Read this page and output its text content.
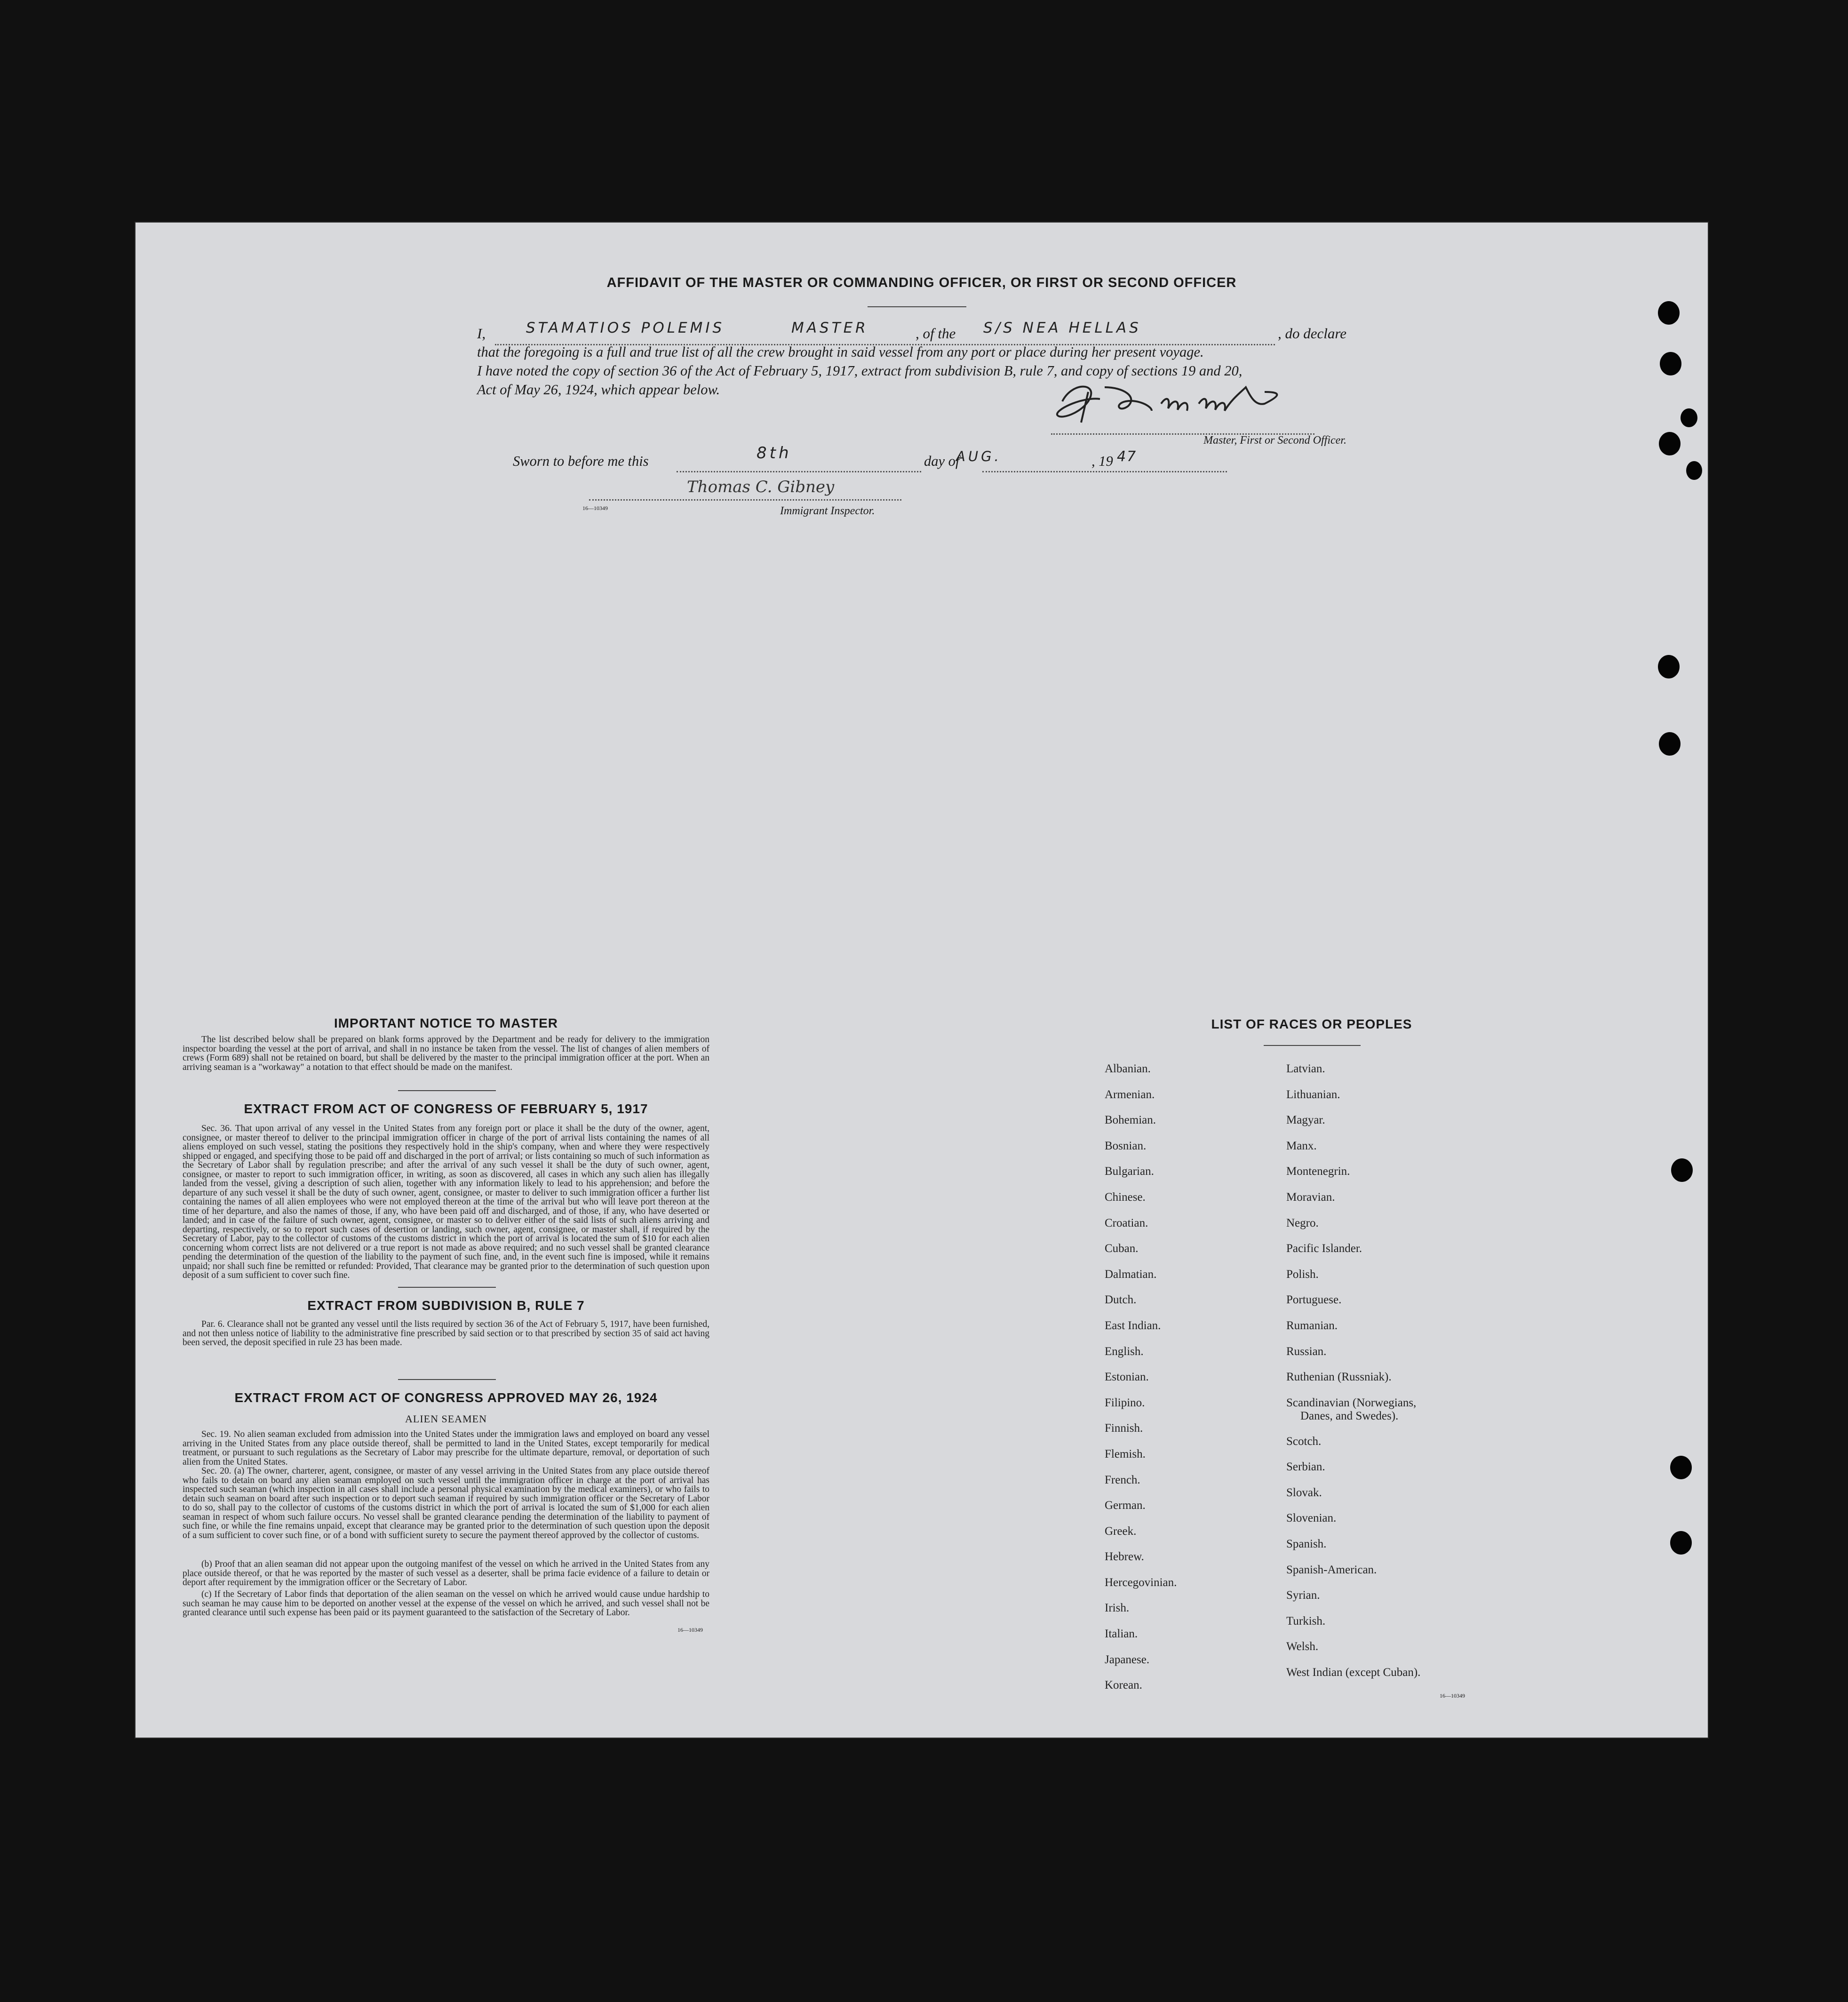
AFFIDAVIT OF THE MASTER OR COMMANDING OFFICER, OR FIRST OR SECOND OFFICER
I,	STAMATIOS POLEMIS	MASTER	, of the S/S NEA HELLAS	, do declare
that the foregoing is a full and true list of all the crew brought in said vessel from any port or place during her present voyage.
I have noted the copy of section 36 of the Act of February 5, 1917, extract from subdivision B, rule 7, and copy of sections 19 and 20,
Act of May 26, 1924, which appear below.
Master, First or Second Officer.
Sworn to before me this	8th	day of
AUG.	, 19 47
Thomas C. Gibney
16—10349	Immigrant Inspector.
IMPORTANT NOTICE TO MASTER
The list described below shall be prepared on blank forms approved by the Department and be ready for delivery to the immigration inspector boarding the vessel at the port of arrival, and shall in no instance be taken from the vessel. The list of changes of alien members of crews (Form 689) shall not be retained on board, but shall be delivered by the master to the principal immigration officer at the port. When an arriving seaman is a "workaway" a notation to that effect should be made on the manifest.
EXTRACT FROM ACT OF CONGRESS OF FEBRUARY 5, 1917
Sec. 36. That upon arrival of any vessel in the United States from any foreign port or place it shall be the duty of the owner, agent, consignee, or master thereof to deliver to the principal immigration officer in charge of the port of arrival lists containing the names of all aliens employed on such vessel, stating the positions they respectively hold in the ship's company, when and where they were respectively shipped or engaged, and specifying those to be paid off and discharged in the port of arrival; or lists containing so much of such information as the Secretary of Labor shall by regulation prescribe; and after the arrival of any such vessel it shall be the duty of such owner, agent, consignee, or master to report to such immigration officer, in writing, as soon as discovered, all cases in which any such alien has illegally landed from the vessel, giving a description of such alien, together with any information likely to lead to his apprehension; and before the departure of any such vessel it shall be the duty of such owner, agent, consignee, or master to deliver to such immigration officer a further list containing the names of all alien employees who were not employed thereon at the time of the arrival but who will leave port thereon at the time of her departure, and also the names of those, if any, who have been paid off and discharged, and of those, if any, who have deserted or landed; and in case of the failure of such owner, agent, consignee, or master so to deliver either of the said lists of such aliens arriving and departing, respectively, or so to report such cases of desertion or landing, such owner, agent, consignee, or master shall, if required by the Secretary of Labor, pay to the collector of customs of the customs district in which the port of arrival is located the sum of $10 for each alien concerning whom correct lists are not delivered or a true report is not made as above required; and no such vessel shall be granted clearance pending the determination of the question of the liability to the payment of such fine, and, in the event such fine is imposed, while it remains unpaid; nor shall such fine be remitted or refunded: Provided, That clearance may be granted prior to the determination of such question upon deposit of a sum sufficient to cover such fine.
EXTRACT FROM SUBDIVISION B, RULE 7
Par. 6. Clearance shall not be granted any vessel until the lists required by section 36 of the Act of February 5, 1917, have been furnished, and not then unless notice of liability to the administrative fine prescribed by said section or to that prescribed by section 35 of said act having been served, the deposit specified in rule 23 has been made.
EXTRACT FROM ACT OF CONGRESS APPROVED MAY 26, 1924
ALIEN SEAMEN
Sec. 19. No alien seaman excluded from admission into the United States under the immigration laws and employed on board any vessel arriving in the United States from any place outside thereof, shall be permitted to land in the United States, except temporarily for medical treatment, or pursuant to such regulations as the Secretary of Labor may prescribe for the ultimate departure, removal, or deportation of such alien from the United States.
Sec. 20. (a) The owner, charterer, agent, consignee, or master of any vessel arriving in the United States from any place outside thereof who fails to detain on board any alien seaman employed on such vessel until the immigration officer in charge at the port of arrival has inspected such seaman (which inspection in all cases shall include a personal physical examination by the medical examiners), or who fails to detain such seaman on board after such inspection or to deport such seaman if required by such immigration officer or the Secretary of Labor to do so, shall pay to the collector of customs of the customs district in which the port of arrival is located the sum of $1,000 for each alien seaman in respect of whom such failure occurs. No vessel shall be granted clearance pending the determination of the liability to payment of such fine, or while the fine remains unpaid, except that clearance may be granted prior to the determination of such question upon the deposit of a sum sufficient to cover such fine, or of a bond with sufficient surety to secure the payment thereof approved by the collector of customs.
(b) Proof that an alien seaman did not appear upon the outgoing manifest of the vessel on which he arrived in the United States from any place outside thereof, or that he was reported by the master of such vessel as a deserter, shall be prima facie evidence of a failure to detain or deport after requirement by the immigration officer or the Secretary of Labor.
(c) If the Secretary of Labor finds that deportation of the alien seaman on the vessel on which he arrived would cause undue hardship to such seaman he may cause him to be deported on another vessel at the expense of the vessel on which he arrived, and such vessel shall not be granted clearance until such expense has been paid or its payment guaranteed to the satisfaction of the Secretary of Labor.
16—10349
LIST OF RACES OR PEOPLES
Albanian.
Armenian.
Bohemian.
Bosnian.
Bulgarian.
Chinese.
Croatian.
Cuban.
Dalmatian.
Dutch.
East Indian.
English.
Estonian.
Filipino.
Finnish.
Flemish.
French.
German.
Greek.
Hebrew.
Hercegovinian.
Irish.
Italian.
Japanese.
Korean.
Latvian.
Lithuanian.
Magyar.
Manx.
Montenegrin.
Moravian.
Negro.
Pacific Islander.
Polish.
Portuguese.
Rumanian.
Russian.
Ruthenian (Russniak).
Scandinavian (Norwegians,
Danes, and Swedes).
Scotch.
Serbian.
Slovak.
Slovenian.
Spanish.
Spanish-American.
Syrian.
Turkish.
Welsh.
West Indian (except Cuban).
16—10349
